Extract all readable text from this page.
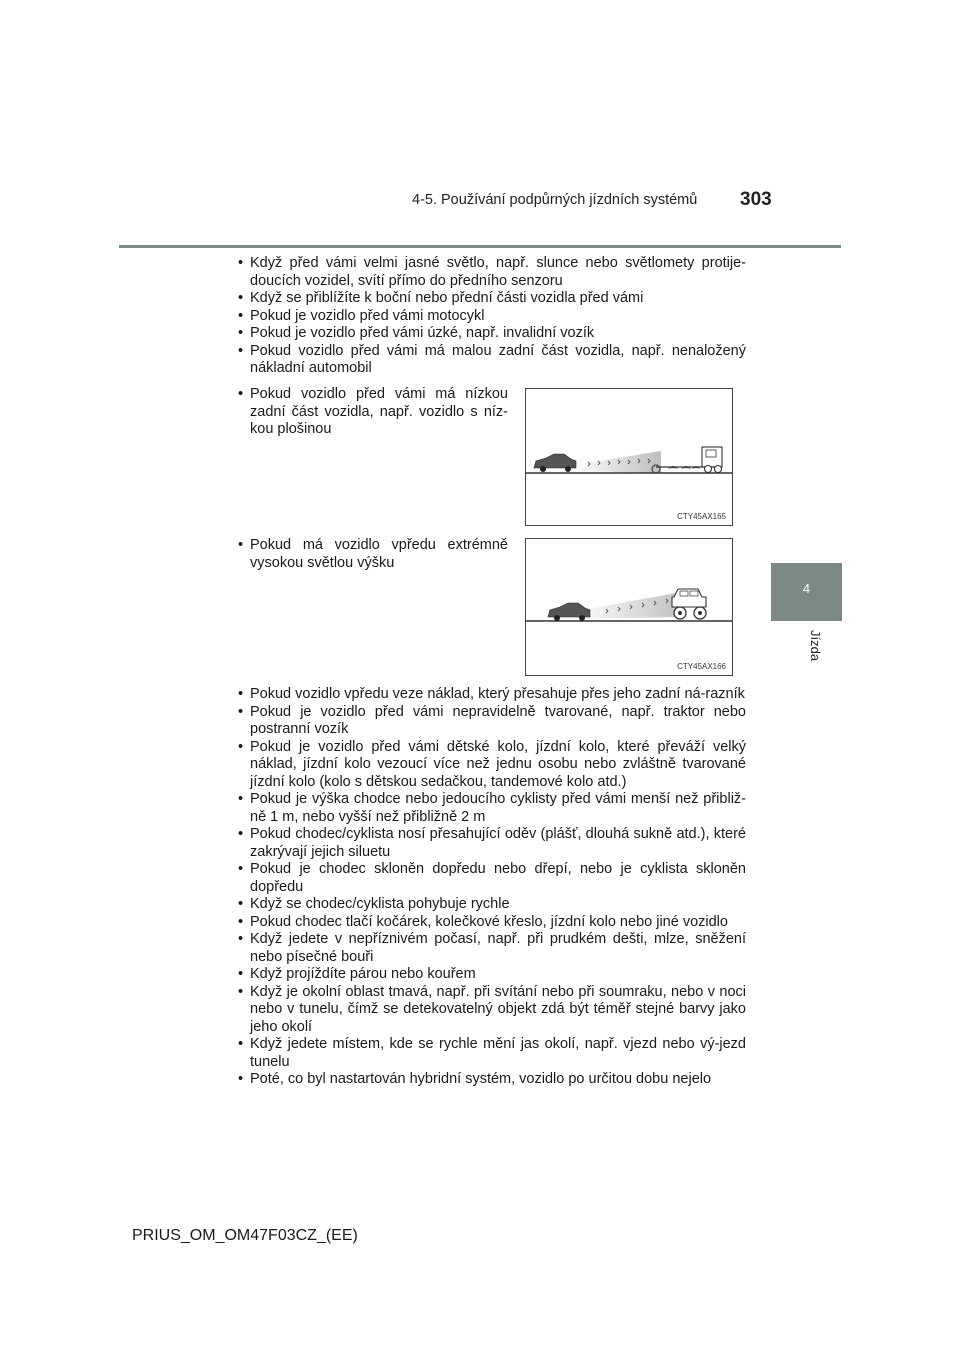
4-5. Používání podpůrných jízdních systémů 303
4
Jízda
• Když před vámi velmi jasné světlo, např. slunce nebo světlomety protije-doucích vozidel, svítí přímo do předního senzoru
• Když se přiblížíte k boční nebo přední části vozidla před vámi
• Pokud je vozidlo před vámi motocykl
• Pokud je vozidlo před vámi úzké, např. invalidní vozík
• Pokud vozidlo před vámi má malou zadní část vozidla, např. nenaložený nákladní automobil
• Pokud vozidlo před vámi má nízkou zadní část vozidla, např. vozidlo s níz-kou plošinou
CTY45AX165
• Pokud má vozidlo vpředu extrémně vysokou světlou výšku
CTY45AX166
• Pokud vozidlo vpředu veze náklad, který přesahuje přes jeho zadní ná-razník
• Pokud je vozidlo před vámi nepravidelně tvarované, např. traktor nebo postranní vozík
• Pokud je vozidlo před vámi dětské kolo, jízdní kolo, které převáží velký náklad, jízdní kolo vezoucí více než jednu osobu nebo zvláštně tvarované jízdní kolo (kolo s dětskou sedačkou, tandemové kolo atd.)
• Pokud je výška chodce nebo jedoucího cyklisty před vámi menší než přibliž-ně 1 m, nebo vyšší než přibližně 2 m
• Pokud chodec/cyklista nosí přesahující oděv (plášť, dlouhá sukně atd.), které zakrývají jejich siluetu
• Pokud je chodec skloněn dopředu nebo dřepí, nebo je cyklista skloněn dopředu
• Když se chodec/cyklista pohybuje rychle
• Pokud chodec tlačí kočárek, kolečkové křeslo, jízdní kolo nebo jiné vozidlo
• Když jedete v nepříznivém počasí, např. při prudkém dešti, mlze, sněžení nebo písečné bouři
• Když projíždíte párou nebo kouřem
• Když je okolní oblast tmavá, např. při svítání nebo při soumraku, nebo v noci nebo v tunelu, čímž se detekovatelný objekt zdá být téměř stejné barvy jako jeho okolí
• Když jedete místem, kde se rychle mění jas okolí, např. vjezd nebo vý-jezd tunelu
• Poté, co byl nastartován hybridní systém, vozidlo po určitou dobu nejelo
PRIUS_OM_OM47F03CZ_(EE)
